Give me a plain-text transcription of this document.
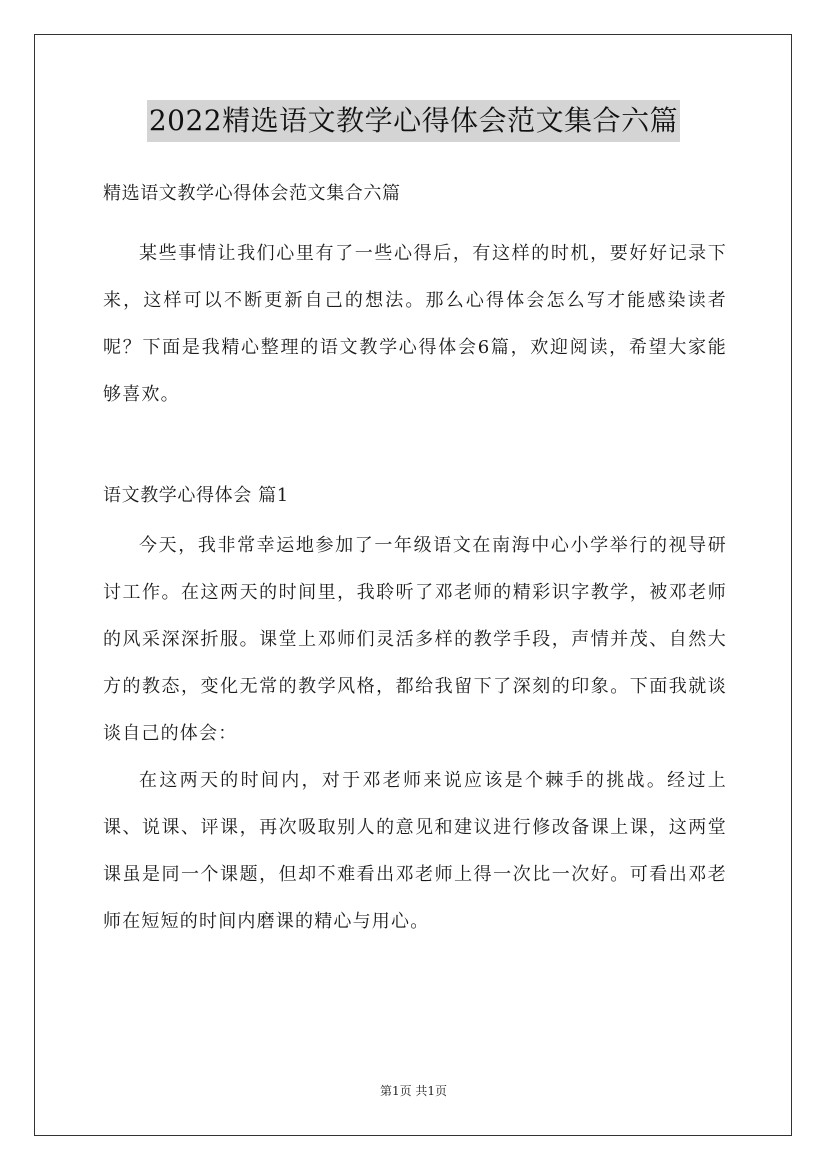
2022精选语文教学心得体会范文集合六篇
精选语文教学心得体会范文集合六篇

某些事情让我们心里有了一些心得后，有这样的时机，要好好记录下来，这样可以不断更新自己的想法。那么心得体会怎么写才能感染读者呢？下面是我精心整理的语文教学心得体会6篇，欢迎阅读，希望大家能够喜欢。

语文教学心得体会 篇1

今天，我非常幸运地参加了一年级语文在南海中心小学举行的视导研讨工作。在这两天的时间里，我聆听了邓老师的精彩识字教学，被邓老师的风采深深折服。课堂上邓师们灵活多样的教学手段，声情并茂、自然大方的教态，变化无常的教学风格，都给我留下了深刻的印象。下面我就谈谈自己的体会：

在这两天的时间内，对于邓老师来说应该是个棘手的挑战。经过上课、说课、评课，再次吸取别人的意见和建议进行修改备课上课，这两堂课虽是同一个课题，但却不难看出邓老师上得一次比一次好。可看出邓老师在短短的时间内磨课的精心与用心。

第1页 共1页
